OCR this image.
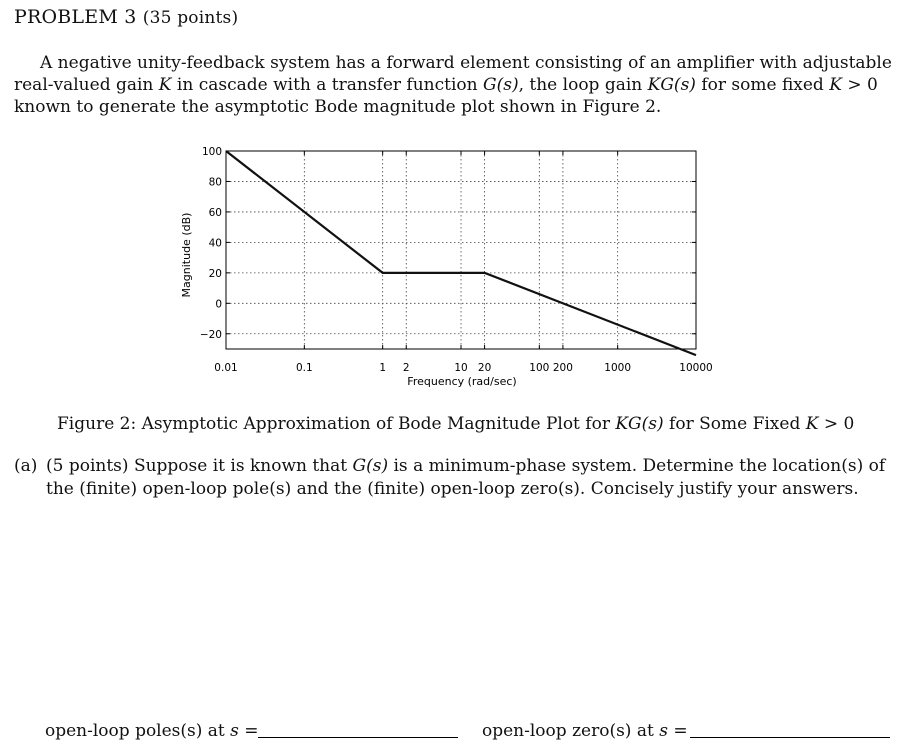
PROBLEM 3 (35 points)
A negative unity-feedback system has a forward element consisting of an amplifier with adjustable real-valued gain K in cascade with a transfer function G(s), the loop gain KG(s) for some fixed K > 0 known to generate the asymptotic Bode magnitude plot shown in Figure 2.
0.01	0.1	1 2	10 20	100 200	1000	10000
100
80
60
40
20
0
−20
Frequency (rad/sec)
Magnitude (dB)
Figure 2: Asymptotic Approximation of Bode Magnitude Plot for KG(s) for Some Fixed K > 0
(a) (5 points) Suppose it is known that G(s) is a minimum-phase system. Determine the location(s) of the (finite) open-loop pole(s) and the (finite) open-loop zero(s). Concisely justify your answers.
open-loop poles(s) at s =	open-loop zero(s) at s =
